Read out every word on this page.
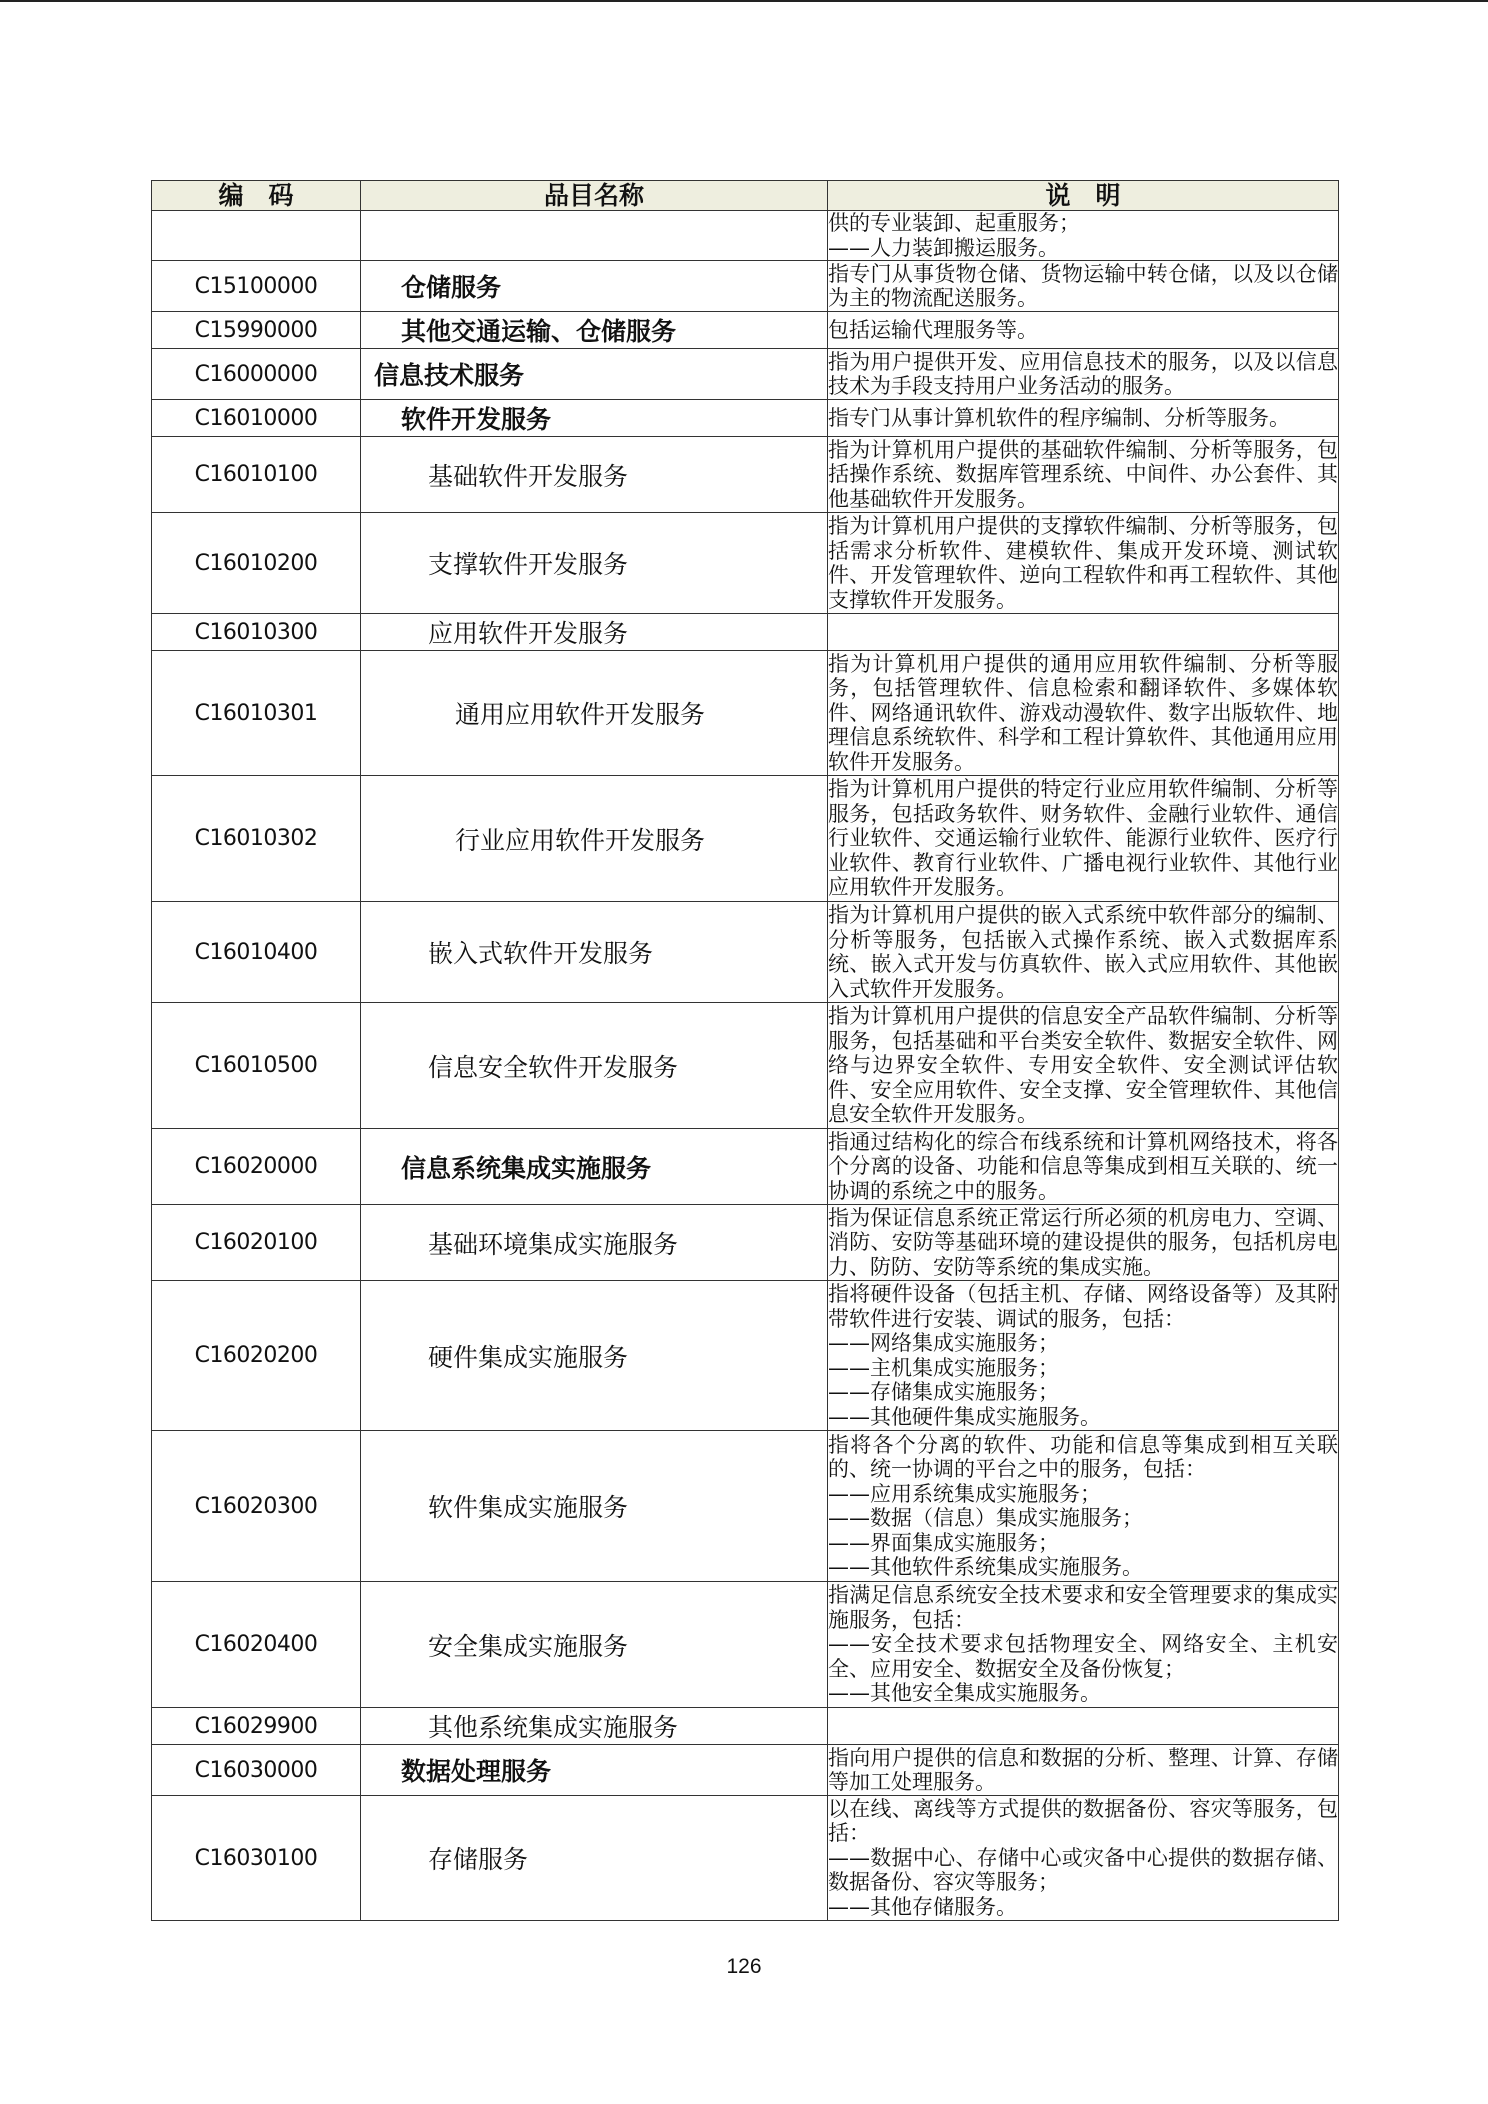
编　码	品目名称	说　明

		供的专业装卸、起重服务；
——人力装卸搬运服务。

C15100000	仓储服务	指专门从事货物仓储、货物运输中转仓储，以及以仓储为主的物流配送服务。

C15990000	其他交通运输、仓储服务	包括运输代理服务等。

C16000000	信息技术服务	指为用户提供开发、应用信息技术的服务，以及以信息技术为手段支持用户业务活动的服务。

C16010000	软件开发服务	指专门从事计算机软件的程序编制、分析等服务。

C16010100	基础软件开发服务	指为计算机用户提供的基础软件编制、分析等服务，包括操作系统、数据库管理系统、中间件、办公套件、其他基础软件开发服务。

C16010200	支撑软件开发服务	指为计算机用户提供的支撑软件编制、分析等服务，包括需求分析软件、建模软件、集成开发环境、测试软件、开发管理软件、逆向工程软件和再工程软件、其他支撑软件开发服务。

C16010300	应用软件开发服务	
C16010301	通用应用软件开发服务	指为计算机用户提供的通用应用软件编制、分析等服务，包括管理软件、信息检索和翻译软件、多媒体软件、网络通讯软件、游戏动漫软件、数字出版软件、地理信息系统软件、科学和工程计算软件、其他通用应用软件开发服务。

C16010302	行业应用软件开发服务	指为计算机用户提供的特定行业应用软件编制、分析等服务，包括政务软件、财务软件、金融行业软件、通信行业软件、交通运输行业软件、能源行业软件、医疗行业软件、教育行业软件、广播电视行业软件、其他行业应用软件开发服务。

C16010400	嵌入式软件开发服务	指为计算机用户提供的嵌入式系统中软件部分的编制、分析等服务，包括嵌入式操作系统、嵌入式数据库系统、嵌入式开发与仿真软件、嵌入式应用软件、其他嵌入式软件开发服务。

C16010500	信息安全软件开发服务	指为计算机用户提供的信息安全产品软件编制、分析等服务，包括基础和平台类安全软件、数据安全软件、网络与边界安全软件、专用安全软件、安全测试评估软件、安全应用软件、安全支撑、安全管理软件、其他信息安全软件开发服务。

C16020000	信息系统集成实施服务	指通过结构化的综合布线系统和计算机网络技术，将各个分离的设备、功能和信息等集成到相互关联的、统一协调的系统之中的服务。

C16020100	基础环境集成实施服务	指为保证信息系统正常运行所必须的机房电力、空调、消防、安防等基础环境的建设提供的服务，包括机房电力、防防、安防等系统的集成实施。

C16020200	硬件集成实施服务	指将硬件设备（包括主机、存储、网络设备等）及其附带软件进行安装、调试的服务，包括：
——网络集成实施服务；
——主机集成实施服务；
——存储集成实施服务；
——其他硬件集成实施服务。

C16020300	软件集成实施服务	指将各个分离的软件、功能和信息等集成到相互关联的、统一协调的平台之中的服务，包括：
——应用系统集成实施服务；
——数据（信息）集成实施服务；
——界面集成实施服务；
——其他软件系统集成实施服务。

C16020400	安全集成实施服务	指满足信息系统安全技术要求和安全管理要求的集成实施服务，包括：
——安全技术要求包括物理安全、网络安全、主机安全、应用安全、数据安全及备份恢复；
——其他安全集成实施服务。

C16029900	其他系统集成实施服务	
C16030000	数据处理服务	指向用户提供的信息和数据的分析、整理、计算、存储等加工处理服务。

C16030100	存储服务	以在线、离线等方式提供的数据备份、容灾等服务，包括：
——数据中心、存储中心或灾备中心提供的数据存储、数据备份、容灾等服务；
——其他存储服务。
126
